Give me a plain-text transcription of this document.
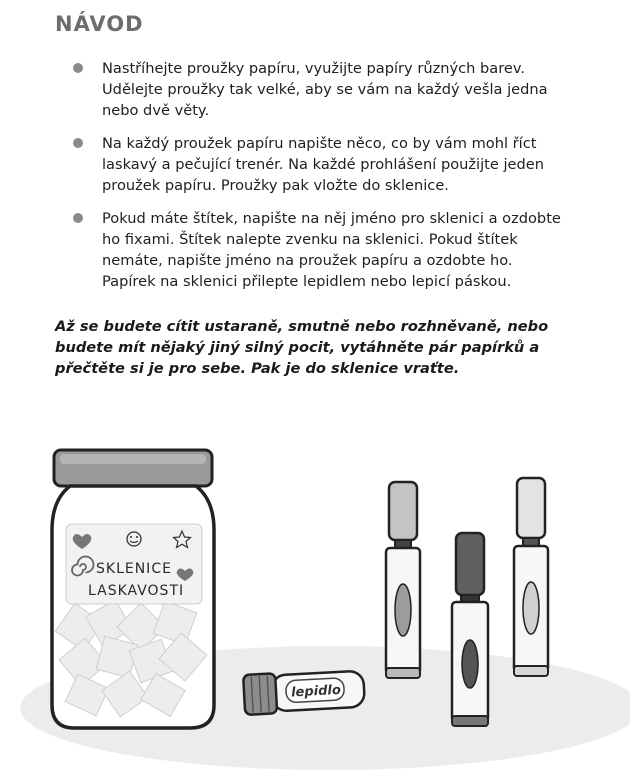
NÁVOD
Nastříhejte proužky papíru, využijte papíry různých barev. Udělejte proužky tak velké, aby se vám na každý vešla jedna nebo dvě věty.
Na každý proužek papíru napište něco, co by vám mohl říct laskavý a pečující trenér. Na každé prohlášení použijte jeden proužek papíru. Proužky pak vložte do sklenice.
Pokud máte štítek, napište na něj jméno pro sklenici a ozdobte ho fixami. Štítek nalepte zvenku na sklenici. Pokud štítek nemáte, napište jméno na proužek papíru a ozdobte ho. Papírek na sklenici přilepte lepidlem nebo lepicí páskou.
Až se budete cítit ustaraně, smutně nebo rozhněvaně, nebo budete mít nějaký jiný silný pocit, vytáhněte pár papírků a přečtěte si je pro sebe. Pak je do sklenice vraťte.
SKLENICE
LASKAVOSTI
lepidlo
